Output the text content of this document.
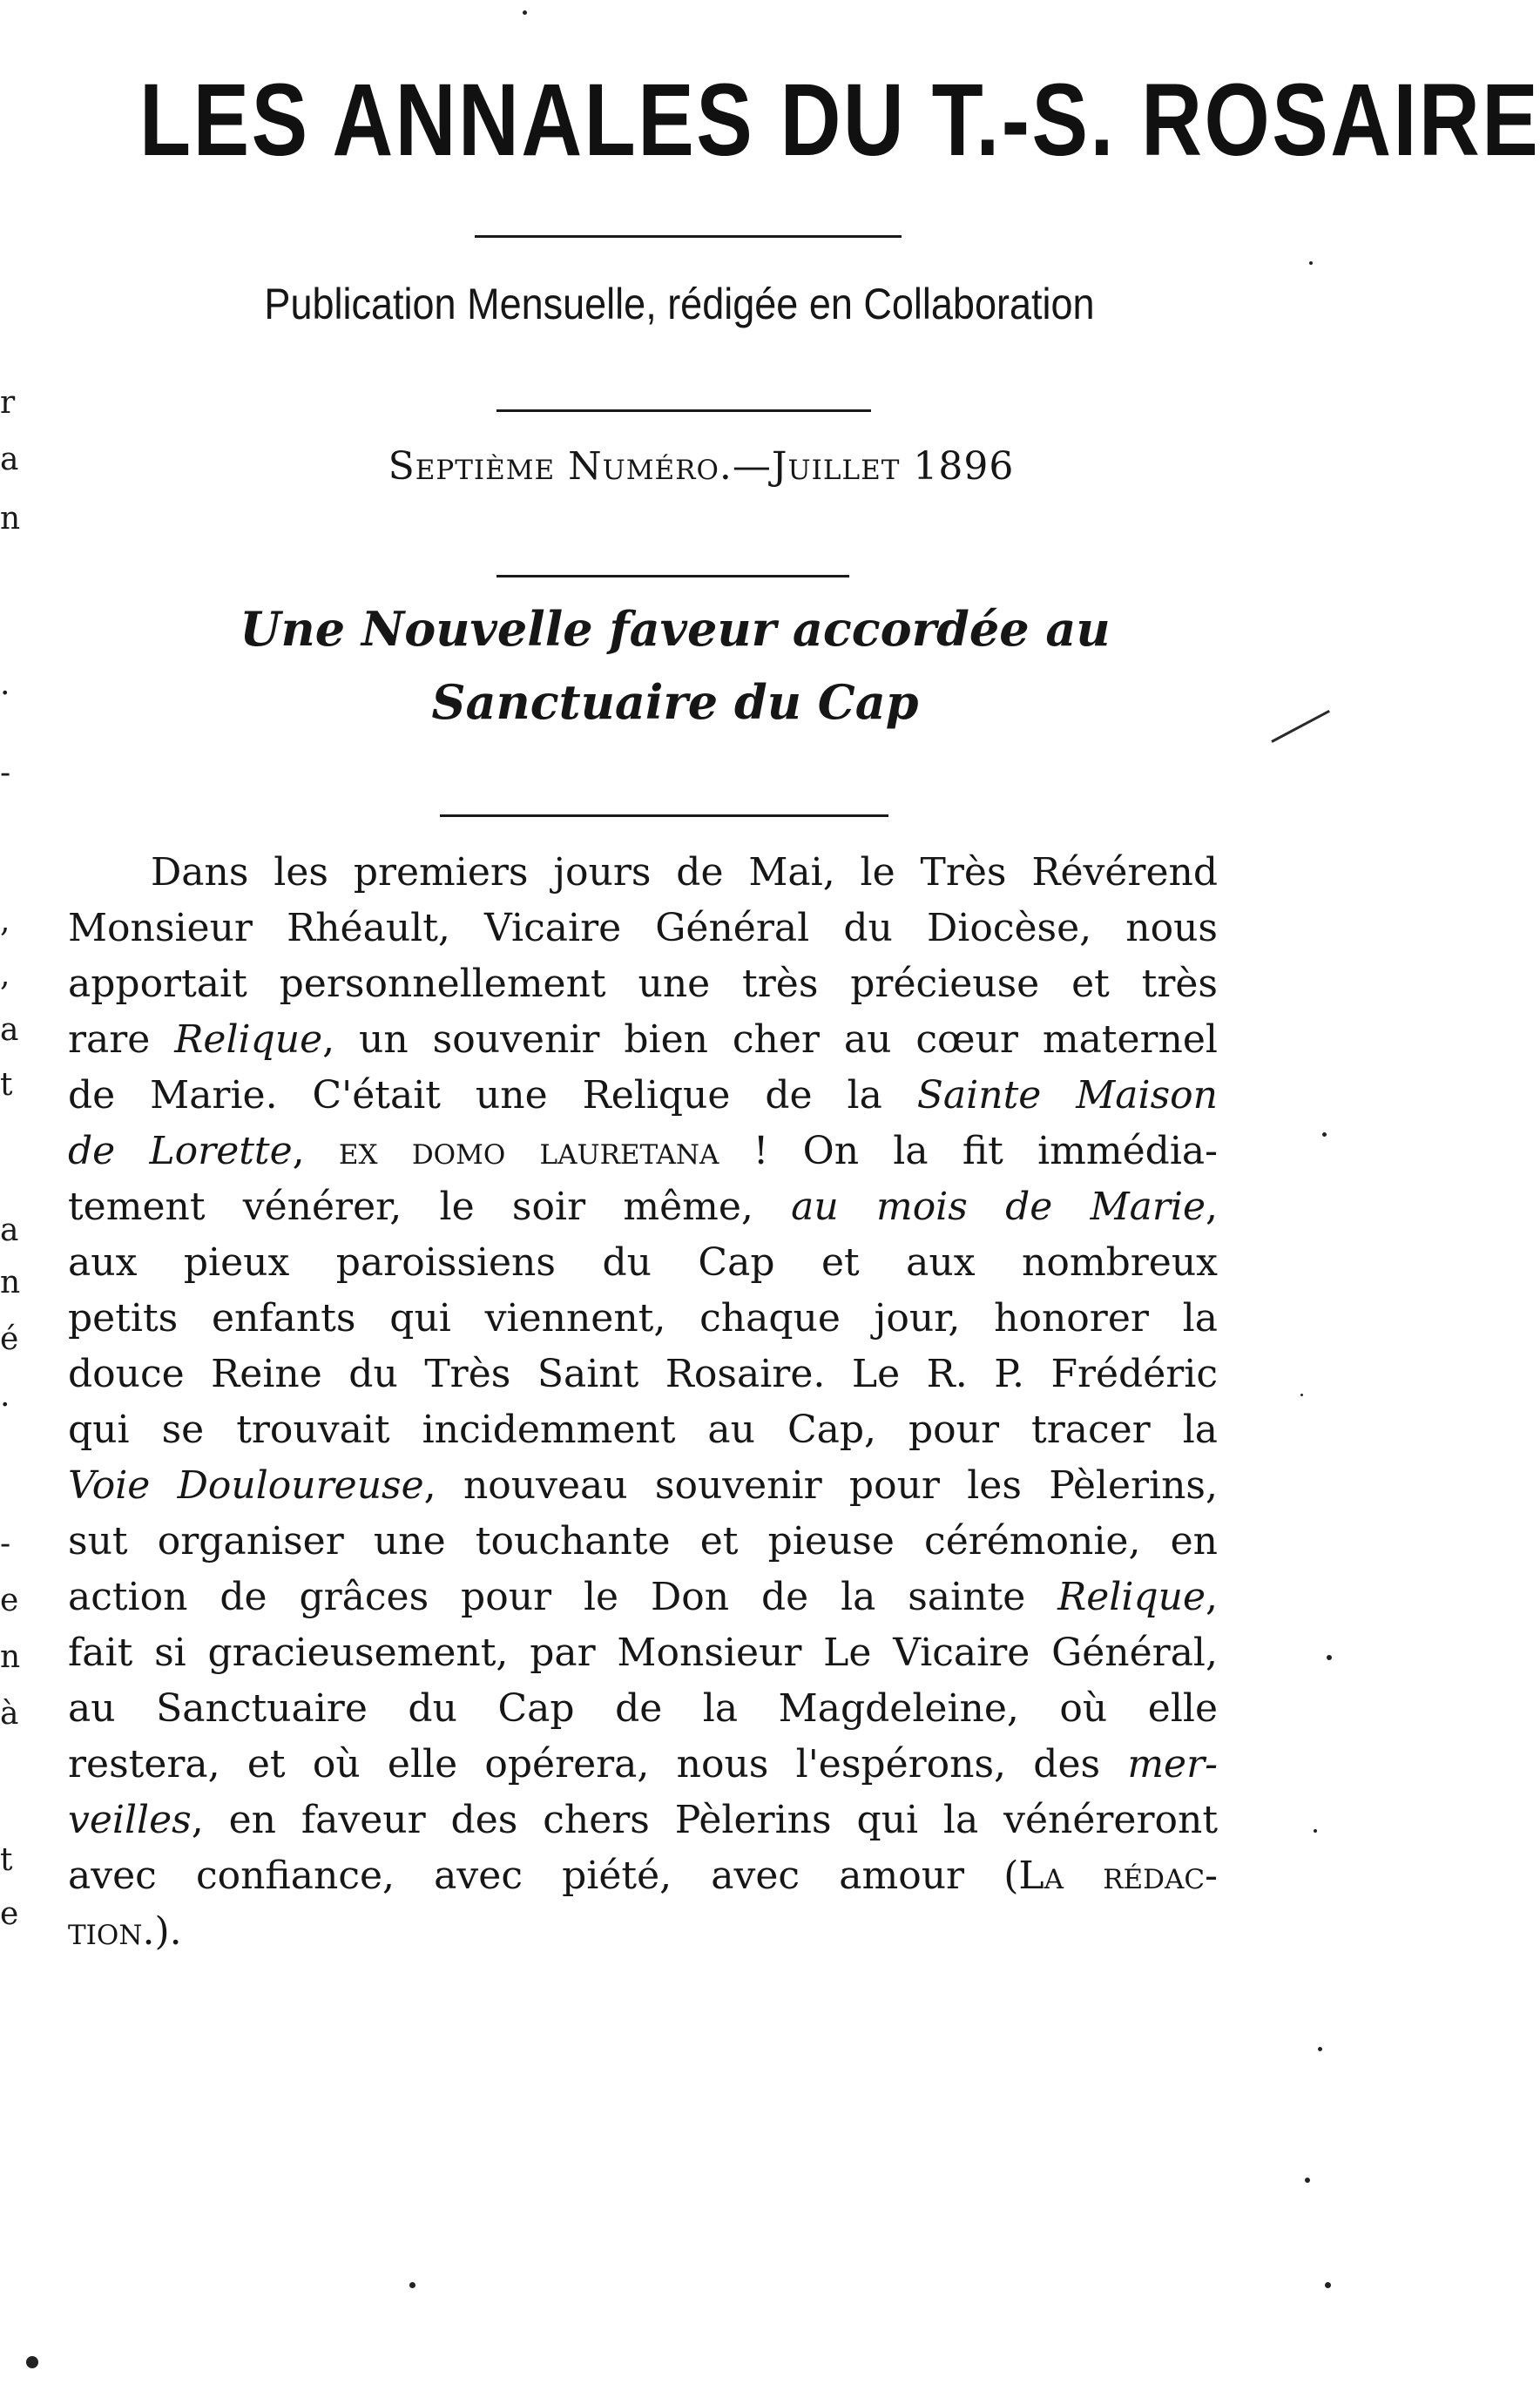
r
a
n
.
-
,
,
a
t
a
n
é
.
-
e
n
à
t
e
LES ANNALES DU T.-S. ROSAIRE
Publication Mensuelle, rédigée en Collaboration
Septième Numéro.—Juillet 1896
Une Nouvelle faveur accordée au
Sanctuaire du Cap
Dans les premiers jours de Mai, le Très Révérend
Monsieur Rhéault, Vicaire Général du Diocèse, nous
apportait personnellement une très précieuse et très
rare Relique, un souvenir bien cher au cœur maternel
de Marie. C'était une Relique de la Sainte Maison
de Lorette, ex domo lauretana ! On la fit immédia-
tement vénérer, le soir même, au mois de Marie,
aux pieux paroissiens du Cap et aux nombreux
petits enfants qui viennent, chaque jour, honorer la
douce Reine du Très Saint Rosaire. Le R. P. Frédéric
qui se trouvait incidemment au Cap, pour tracer la
Voie Douloureuse, nouveau souvenir pour les Pèlerins,
sut organiser une touchante et pieuse cérémonie, en
action de grâces pour le Don de la sainte Relique,
fait si gracieusement, par Monsieur Le Vicaire Général,
au Sanctuaire du Cap de la Magdeleine, où elle
restera, et où elle opérera, nous l'espérons, des mer-
veilles, en faveur des chers Pèlerins qui la vénéreront
avec confiance, avec piété, avec amour (La rédac-
tion.).
